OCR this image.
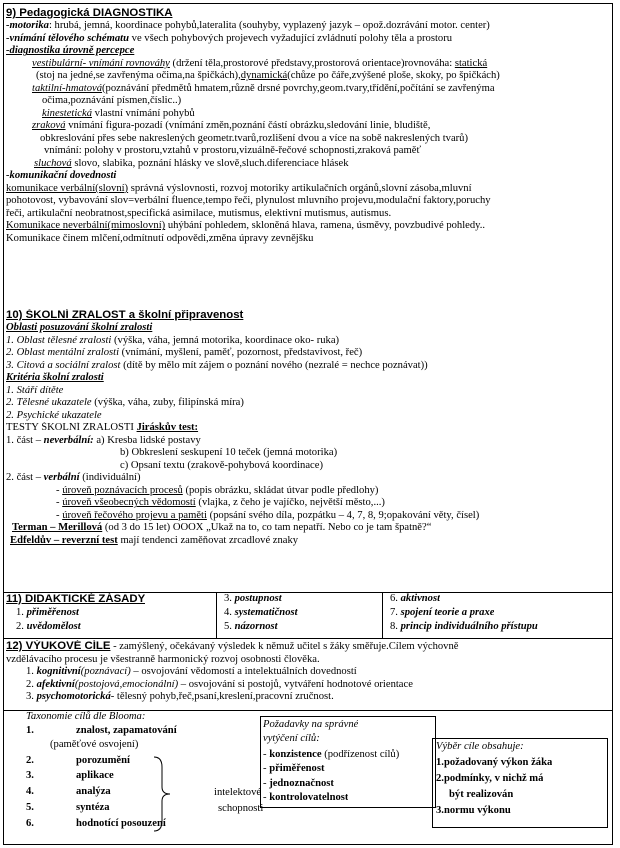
9) Pedagogická DIAGNOSTIKA
-motorika: hrubá, jemná, koordinace pohybů,lateralita (souhyby, vyplazený jazyk – opož.dozrávání motor. center)
-vnímání tělového schématu ve všech pohybových projevech vyžadující zvládnutí polohy těla a prostoru
-diagnostika úrovně percepce
vestibulární- vnímání rovnováhy (držení těla,prostorové představy,prostorová orientace)rovnováha: statická
(stoj na jedné,se zavřenýma očima,na špičkách),dynamická(chůze po čáře,zvýšené ploše, skoky, po špičkách)
taktilní-hmatová(poznávání předmětů hmatem,různě drsné povrchy,geom.tvary,třídění,počítání se zavřenýma
očima,poznávání písmen,číslic..)
kinestetická vlastní vnímání pohybů
zraková vnímání figura-pozadí (vnímání změn,poznání částí obrázku,sledování linie, bludiště,
obkreslování přes sebe nakreslených geometr.tvarů,rozlišení dvou a více na sobě nakreslených tvarů)
vnímání: polohy v prostoru,vztahů v prostoru,vizuálně-řečové schopnosti,zraková paměť
sluchová slovo, slabika, poznání hlásky ve slově,sluch.diferenciace hlásek
-komunikační dovednosti
komunikace verbální(slovní) správná výslovnosti, rozvoj motoriky artikulačních orgánů,slovní zásoba,mluvní
pohotovost, vybavování slov=verbální fluence,tempo řeči, plynulost mluvního projevu,modulační faktory,poruchy
řeči, artikulační neobratnost,specifická asimilace, mutismus, elektivní mutismus, autismus.
Komunikace neverbální(mimoslovní) uhýbání pohledem, skloněná hlava, ramena, úsměvy, povzbudivé pohledy..
Komunikace činem mlčení,odmítnutí odpovědi,změna úpravy zevnějšku
10) ŠKOLNÍ ZRALOST a školní připravenost
Oblasti posuzování školní zralosti
1. Oblast tělesné zralosti (výška, váha, jemná motorika, koordinace oko- ruka)
2. Oblast mentální zralosti (vnímání, myšlení, paměť, pozornost, představivost, řeč)
3. Citová a sociální zralost (dítě by mělo mít zájem o poznání nového (nezralé = nechce poznávat))
Kritéria školní zralosti
1. Stáří dítěte
2. Tělesné ukazatele (výška, váha, zuby, filipínská míra)
2. Psychické ukazatele
TESTY ŠKOLNÍ ZRALOSTI Jiráskův test:
1. část – neverbální: a) Kresba lidské postavy
b) Obkreslení seskupení 10 teček (jemná motorika)
c) Opsaní textu (zrakově-pohybová koordinace)
2. část – verbální (individuální)
- úroveň poznávacích procesů (popis obrázku, skládat útvar podle předlohy)
- úroveň všeobecných vědomostí (vlajka, z čeho je vajíčko, největší město,...)
- úroveň řečového projevu a paměti (popsání svého díla, pozpátku – 4, 7, 8, 9;opakování věty, čísel)
Terman – Merillová (od 3 do 15 let) OOOX „Ukaž na to, co tam nepatří. Nebo co je tam špatně?“
Edfeldův – reverzní test mají tendenci zaměňovat zrcadlové znaky
11) DIDAKTICKÉ ZÁSADY
1. přiměřenost
2. uvědomělost
3. postupnost
4. systematičnost
5. názornost
6. aktivnost
7. spojení teorie a praxe
8. princip individuálního přístupu
12) VÝUKOVÉ CÍLE - zamýšlený, očekávaný výsledek k němuž učitel s žáky směřuje.Cílem výchovně
vzdělávacího procesu je všestranně harmonický rozvoj osobnosti člověka.
1. kognitivní(poznávací) – osvojování vědomostí a intelektuálních dovedností
2. afektivní(postojová,emocionální) – osvojování si postojů, vytváření hodnotové orientace
3. psychomotorická- tělesný pohyb,řeč,psaní,kreslení,pracovní zručnost.
Taxonomie cílů dle Blooma:
1.	znalost, zapamatování
(paměťové osvojení)
2.	porozumění
3.	aplikace
4.	analýza
5.	syntéza
6.	hodnotící posouzení
intelektové
schopnosti
Požadavky na správné
vytýčení cílů:
- konzistence (podřízenost cílů)
- přiměřenost
- jednoznačnost
- kontrolovatelnost
Výběr cíle obsahuje:
1.požadovaný výkon žáka
2.podmínky, v nichž má
být realizován
3.normu výkonu
